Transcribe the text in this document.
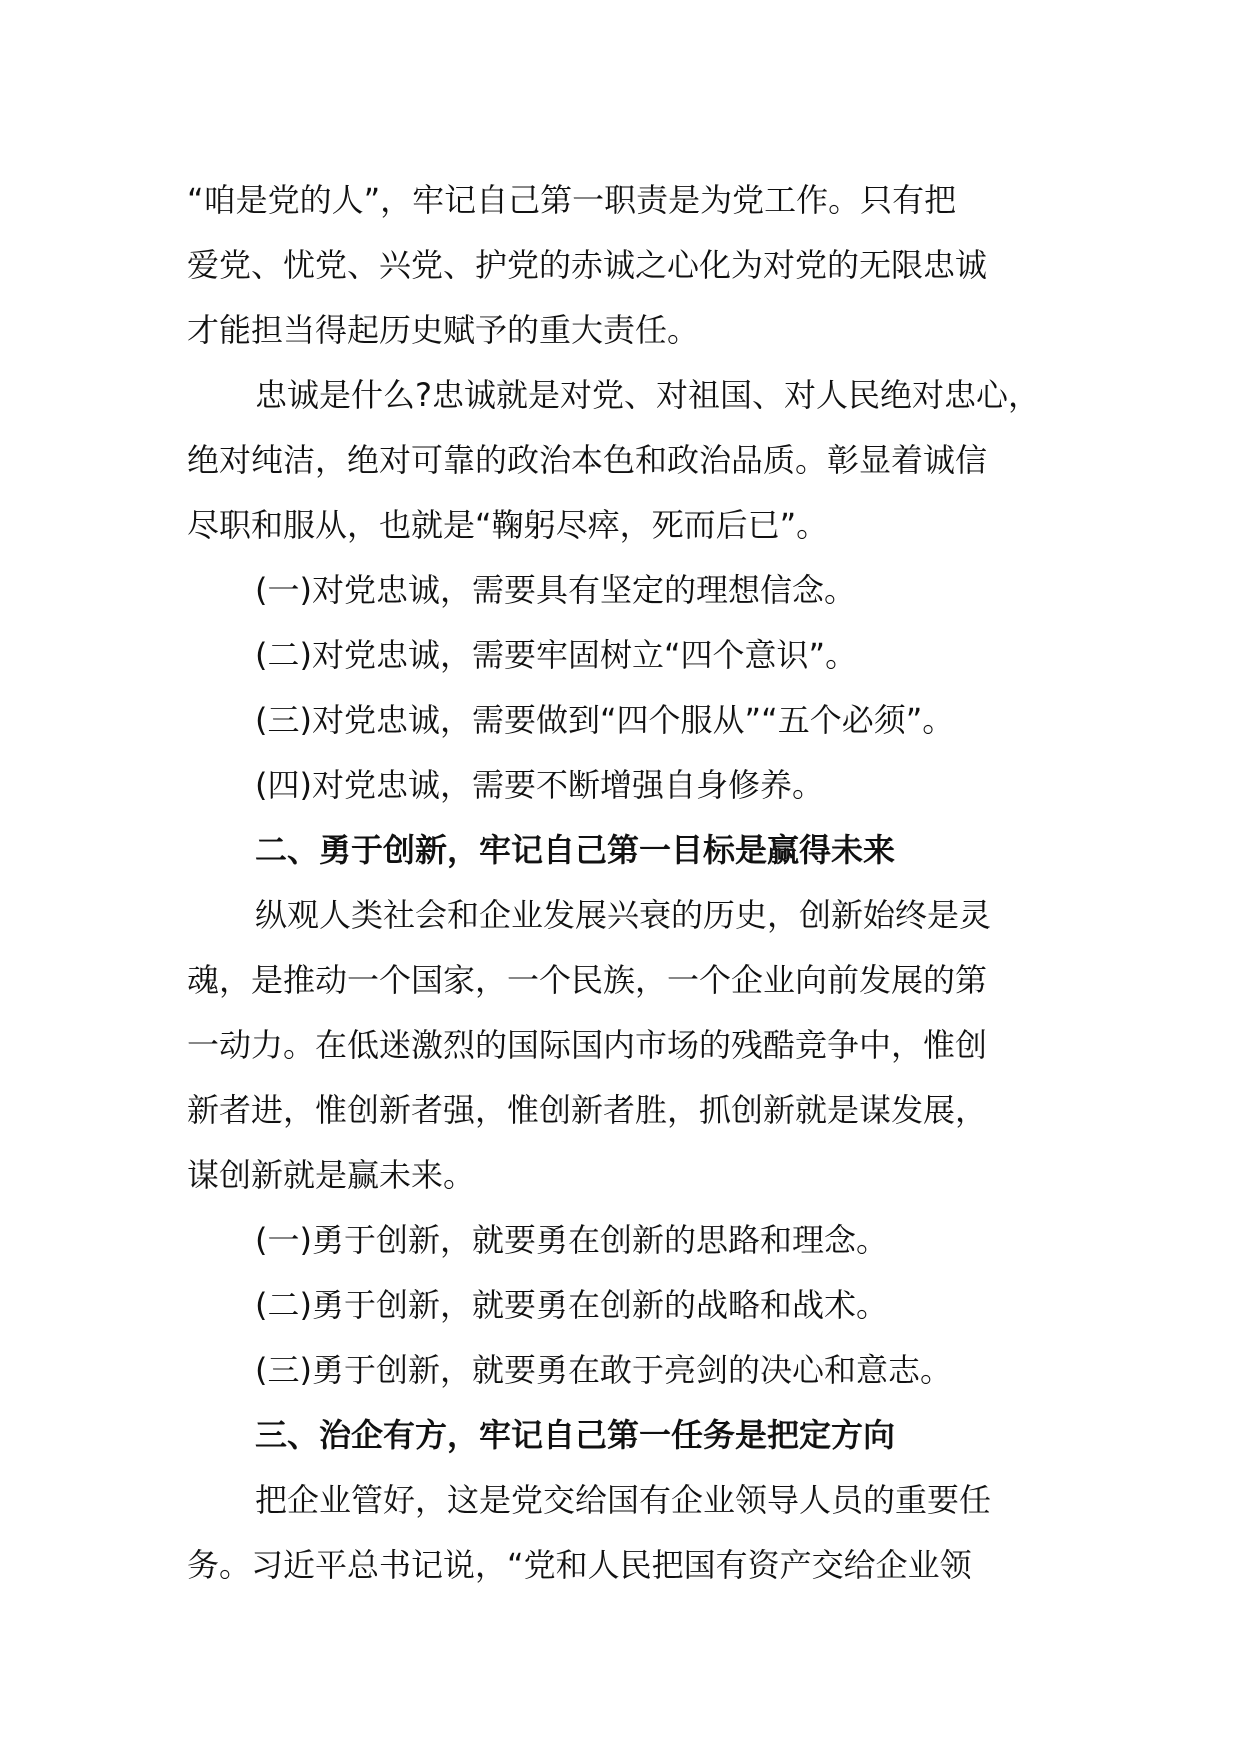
“咱是党的人”，牢记自己第一职责是为党工作。只有把
爱党、忧党、兴党、护党的赤诚之心化为对党的无限忠诚
才能担当得起历史赋予的重大责任。

忠诚是什么?忠诚就是对党、对祖国、对人民绝对忠心，
绝对纯洁，绝对可靠的政治本色和政治品质。彰显着诚信
尽职和服从，也就是“鞠躬尽瘁，死而后已”。

(一)对党忠诚，需要具有坚定的理想信念。

(二)对党忠诚，需要牢固树立“四个意识”。

(三)对党忠诚，需要做到“四个服从”“五个必须”。

(四)对党忠诚，需要不断增强自身修养。

二、勇于创新，牢记自己第一目标是赢得未来

纵观人类社会和企业发展兴衰的历史，创新始终是灵
魂，是推动一个国家，一个民族，一个企业向前发展的第
一动力。在低迷激烈的国际国内市场的残酷竞争中，惟创
新者进，惟创新者强，惟创新者胜，抓创新就是谋发展，
谋创新就是赢未来。

(一)勇于创新，就要勇在创新的思路和理念。

(二)勇于创新，就要勇在创新的战略和战术。

(三)勇于创新，就要勇在敢于亮剑的决心和意志。

三、治企有方，牢记自己第一任务是把定方向

把企业管好，这是党交给国有企业领导人员的重要任
务。习近平总书记说，“党和人民把国有资产交给企业领
